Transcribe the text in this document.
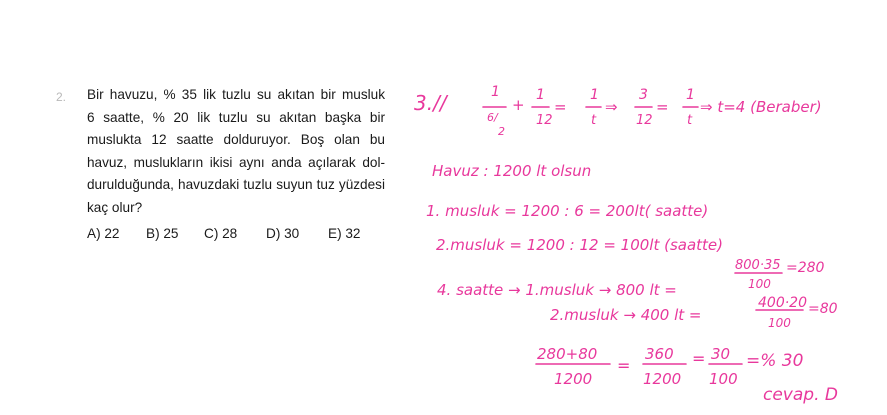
2. Bir havuzu, % 35 lik tuzlu su akıtan bir musluk
6 saatte, % 20 lik tuzlu su akıtan başka bir
muslukta 12 saatte dolduruyor. Boş olan bu
havuz, muslukların ikisi aynı anda açılarak dol-
durulduğunda, havuzdaki tuzlu suyun tuz yüzdesi
kaç olur?
A) 22 B) 25 C) 28 D) 30 E) 32
3.//	1
6/
2
+
1
12
=
1
t
⇒
3
12
=
1
t
⇒ t=4 (Beraber)
Havuz : 1200 lt olsun
1. musluk = 1200 : 6 = 200lt( saatte)
2.musluk = 1200 : 12 = 100lt (saatte)
4. saatte → 1.musluk → 800 lt =
800·35
100
=280
2.musluk → 400 lt =
400·20
100
=80
280+80
1200
=
360
1200
= 30
100
=% 30
cevap. D
